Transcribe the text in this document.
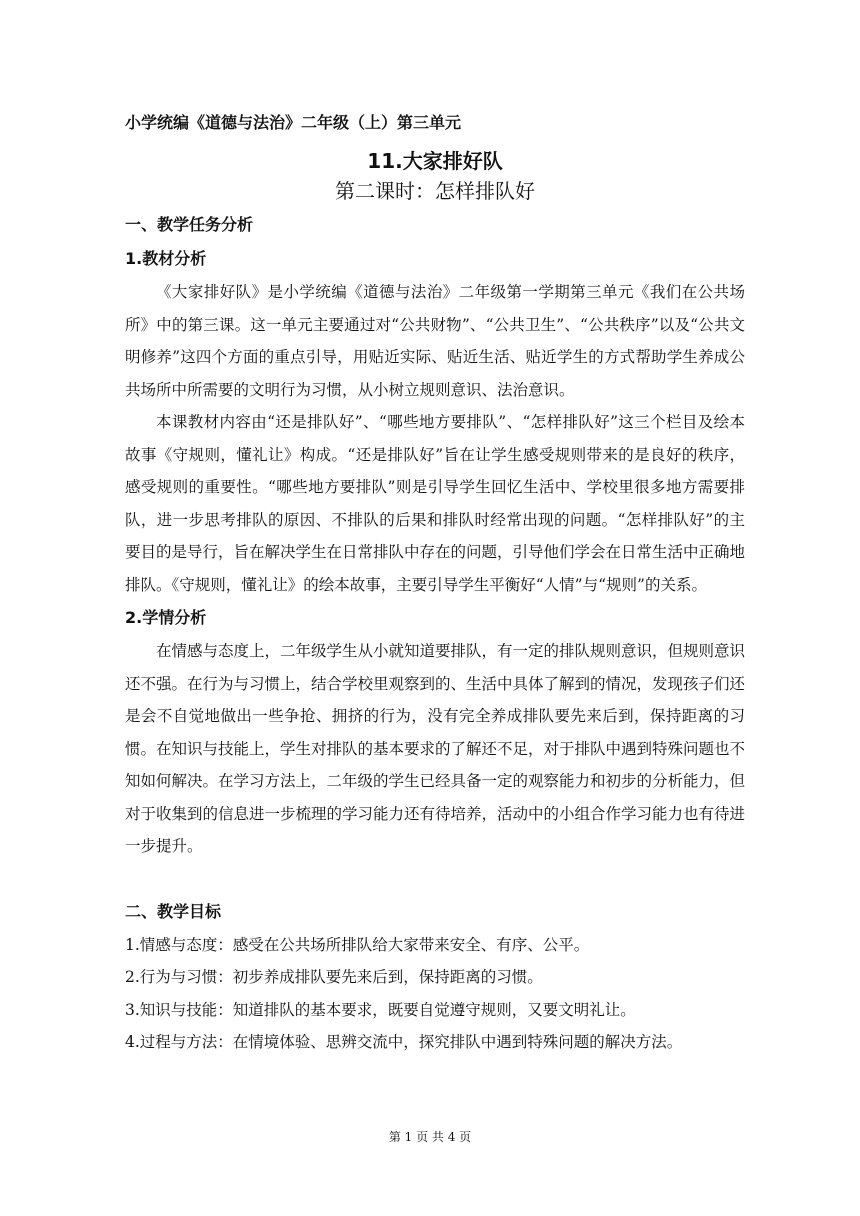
小学统编《道德与法治》二年级（上）第三单元
11.大家排好队
第二课时：怎样排队好
一、教学任务分析
1.教材分析

《大家排好队》是小学统编《道德与法治》二年级第一学期第三单元《我们在公共场所》中的第三课。这一单元主要通过对“公共财物”、“公共卫生”、“公共秩序”以及“公共文明修养”这四个方面的重点引导，用贴近实际、贴近生活、贴近学生的方式帮助学生养成公共场所中所需要的文明行为习惯，从小树立规则意识、法治意识。

本课教材内容由“还是排队好”、“哪些地方要排队”、“怎样排队好”这三个栏目及绘本故事《守规则，懂礼让》构成。“还是排队好”旨在让学生感受规则带来的是良好的秩序，感受规则的重要性。“哪些地方要排队”则是引导学生回忆生活中、学校里很多地方需要排队，进一步思考排队的原因、不排队的后果和排队时经常出现的问题。“怎样排队好”的主要目的是导行，旨在解决学生在日常排队中存在的问题，引导他们学会在日常生活中正确地排队。《守规则，懂礼让》的绘本故事，主要引导学生平衡好“人情”与“规则”的关系。

2.学情分析

在情感与态度上，二年级学生从小就知道要排队，有一定的排队规则意识，但规则意识还不强。在行为与习惯上，结合学校里观察到的、生活中具体了解到的情况，发现孩子们还是会不自觉地做出一些争抢、拥挤的行为，没有完全养成排队要先来后到，保持距离的习惯。在知识与技能上，学生对排队的基本要求的了解还不足，对于排队中遇到特殊问题也不知如何解决。在学习方法上，二年级的学生已经具备一定的观察能力和初步的分析能力，但对于收集到的信息进一步梳理的学习能力还有待培养，活动中的小组合作学习能力也有待进一步提升。

二、教学目标

1.情感与态度：感受在公共场所排队给大家带来安全、有序、公平。

2.行为与习惯：初步养成排队要先来后到，保持距离的习惯。

3.知识与技能：知道排队的基本要求，既要自觉遵守规则，又要文明礼让。

4.过程与方法：在情境体验、思辨交流中，探究排队中遇到特殊问题的解决方法。

第 1 页 共 4 页
